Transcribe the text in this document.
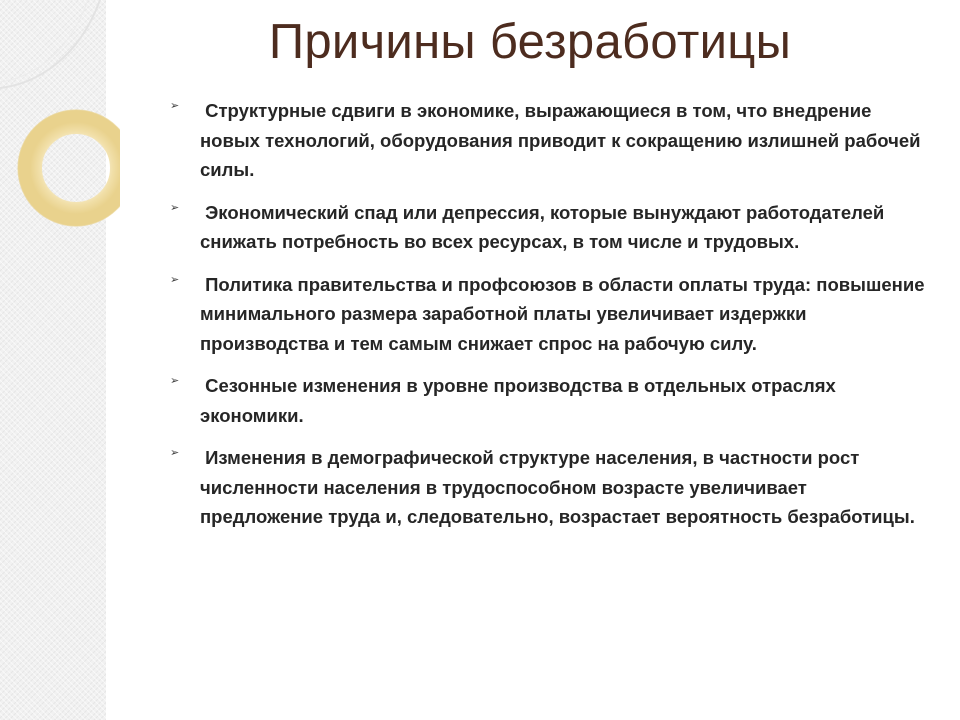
Причины безработицы
➢ Структурные сдвиги в экономике, выражающиеся в том, что внедрение новых технологий, оборудования приводит к сокращению излишней рабочей силы.
➢ Экономический спад или депрессия, которые вынуждают работодателей снижать потребность во всех ресурсах, в том числе и трудовых.
➢ Политика правительства и профсоюзов в области оплаты труда: повышение минимального размера заработной платы увеличивает издержки производства и тем самым снижает спрос на рабочую силу.
➢ Сезонные изменения в уровне производства в отдельных отраслях экономики.
➢ Изменения в демографической структуре населения, в частности рост численности населения в трудоспособном возрасте увеличивает предложение труда и, следовательно, возрастает вероятность безработицы.
